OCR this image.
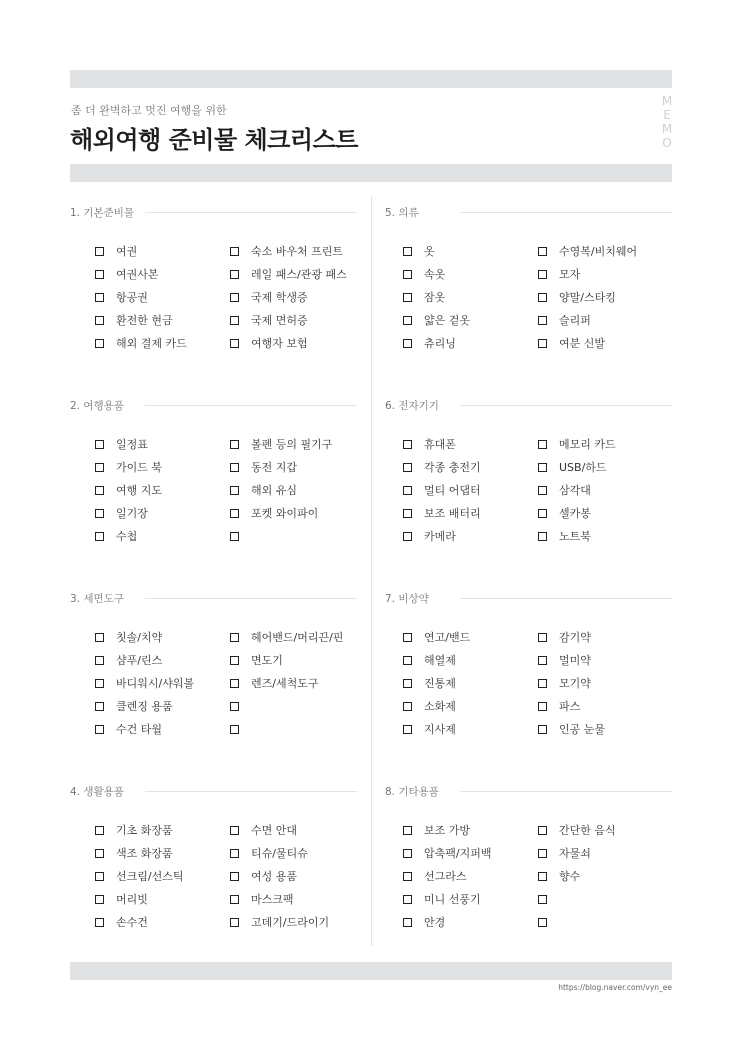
좀 더 완벽하고 멋진 여행을 위한
해외여행 준비물 체크리스트
M
E
M
O
1. 기본준비물
여권
여권사본
항공권
환전한 현금
해외 결제 카드
숙소 바우처 프린트
레일 패스/관광 패스
국제 학생증
국제 면허증
여행자 보험
2. 여행용품
일정표
가이드 북
여행 지도
일기장
수첩
볼펜 등의 필기구
동전 지갑
해외 유심
포켓 와이파이
3. 세면도구
칫솔/치약
샴푸/린스
바디워시/샤워볼
클렌징 용품
수건 타월
헤어밴드/머리끈/핀
면도기
렌즈/세척도구
4. 생활용품
기초 화장품
색조 화장품
선크림/선스틱
머리빗
손수건
수면 안대
티슈/물티슈
여성 용품
마스크팩
고데기/드라이기
5. 의류
옷
속옷
잠옷
얇은 겉옷
츄리닝
수영복/비치웨어
모자
양말/스타킹
슬리퍼
여분 신발
6. 전자기기
휴대폰
각종 충전기
멀티 어댑터
보조 배터리
카메라
메모리 카드
USB/하드
삼각대
셀카봉
노트북
7. 비상약
연고/밴드
해열제
진통제
소화제
지사제
감기약
멀미약
모기약
파스
인공 눈물
8. 기타용품
보조 가방
압축팩/지퍼백
선그라스
미니 선풍기
안경
간단한 음식
자물쇠
향수
https://blog.naver.com/vyn_ee
